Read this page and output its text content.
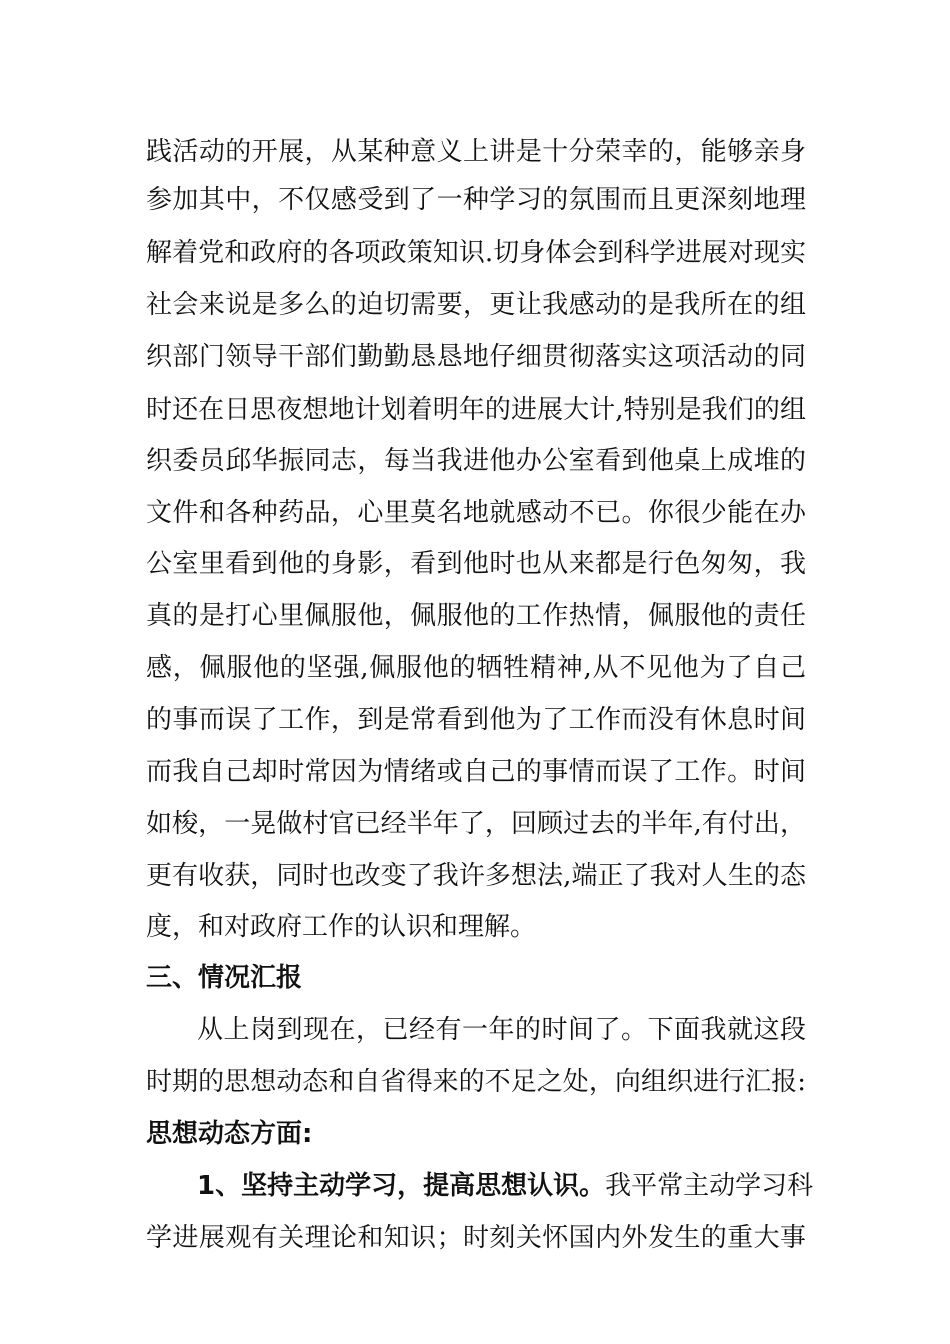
践活动的开展，从某种意义上讲是十分荣幸的，能够亲身
参加其中，不仅感受到了一种学习的氛围而且更深刻地理
解着党和政府的各项政策知识.切身体会到科学进展对现实
社会来说是多么的迫切需要，更让我感动的是我所在的组
织部门领导干部们勤勤恳恳地仔细贯彻落实这项活动的同
时还在日思夜想地计划着明年的进展大计,特别是我们的组
织委员邱华振同志，每当我进他办公室看到他桌上成堆的
文件和各种药品，心里莫名地就感动不已。你很少能在办
公室里看到他的身影，看到他时也从来都是行色匆匆，我
真的是打心里佩服他，佩服他的工作热情，佩服他的责任
感，佩服他的坚强,佩服他的牺牲精神,从不见他为了自己
的事而误了工作，到是常看到他为了工作而没有休息时间
而我自己却时常因为情绪或自己的事情而误了工作。时间
如梭，一晃做村官已经半年了，回顾过去的半年,有付出，
更有收获，同时也改变了我许多想法,端正了我对人生的态
度，和对政府工作的认识和理解。
三、情况汇报
从上岗到现在，已经有一年的时间了。下面我就这段
时期的思想动态和自省得来的不足之处，向组织进行汇报:
思想动态方面:
1、坚持主动学习，提高思想认识。我平常主动学习科
学进展观有关理论和知识；时刻关怀国内外发生的重大事
